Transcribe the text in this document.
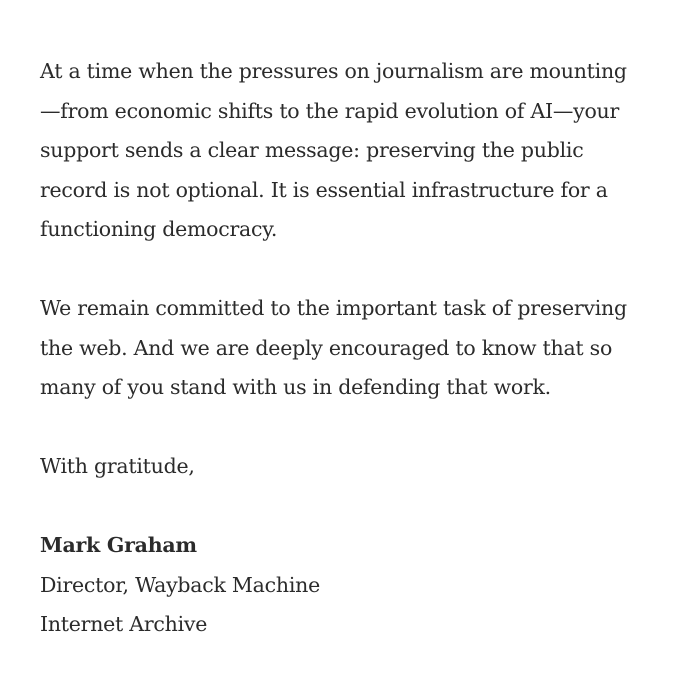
At a time when the pressures on journalism are mounting
—from economic shifts to the rapid evolution of AI—your
support sends a clear message: preserving the public
record is not optional. It is essential infrastructure for a
functioning democracy.

We remain committed to the important task of preserving
the web. And we are deeply encouraged to know that so
many of you stand with us in defending that work.

With gratitude,

Mark Graham
Director, Wayback Machine
Internet Archive
